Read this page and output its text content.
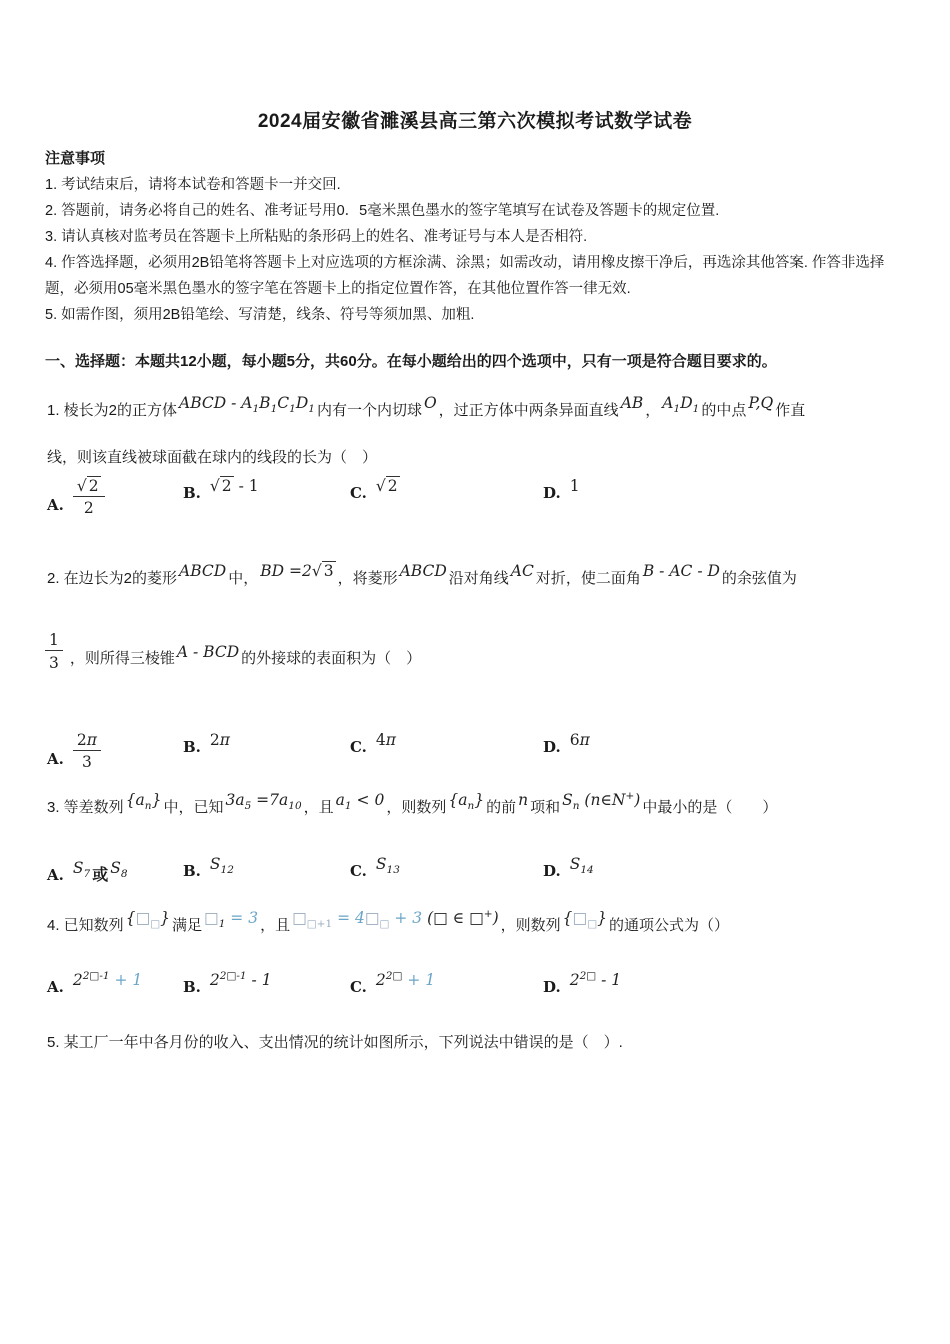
2024届安徽省濉溪县高三第六次模拟考试数学试卷
注意事项
1. 考试结束后，请将本试卷和答题卡一并交回.
2. 答题前，请务必将自己的姓名、准考证号用0．5毫米黑色墨水的签字笔填写在试卷及答题卡的规定位置.
3. 请认真核对监考员在答题卡上所粘贴的条形码上的姓名、准考证号与本人是否相符.
4. 作答选择题，必须用2B铅笔将答题卡上对应选项的方框涂满、涂黑；如需改动，请用橡皮擦干净后，再选涂其他答案. 作答非选择题，必须用05毫米黑色墨水的签字笔在答题卡上的指定位置作答，在其他位置作答一律无效.
5. 如需作图，须用2B铅笔绘、写清楚，线条、符号等须加黑、加粗.
一、选择题：本题共12小题，每小题5分，共60分。在每小题给出的四个选项中，只有一项是符合题目要求的。
1. 棱长为2的正方体 ABCD - $A^1B^1C^1D^1$ 内有一个内切球 O ，过正方体中两条异面直线 AB ， $A^1D^1$ 的中点 P,Q 作直
线，则该直线被球面截在球内的线段的长为（　）
A. $\frac{√ 2}{2}$	B. √ 2 - 1	C. √ 2	D. 1
2. 在边长为2的菱形 ABCD 中， BD =2√ 3 ，将菱形 ABCD 沿对角线 AC 对折，使二面角 B - AC - D 的余弦值为
$\frac{1}{3}$ ，则所得三棱锥 A - BCD 的外接球的表面积为（　）
A. $\frac{2 \pi}{3}$	B. 2π	C. 4π	D. 6π
3. 等差数列 $\{a^n\}$ 中，已知 $3a^5 =7a^{10}$ ，且 $a^1 < 0$ ，则数列 $\{a^n\}$ 的前 n 项和 $S^n$ (n∈N+) 中最小的是（　　）
A. S7 或 S8	B. S12	C. S13	D. S14
4. 已知数列 {□□} 满足 □$^1$ = 3 ，且 □$^{□+1}$ = 4□□ + 3 (□ ∈ □+) ，则数列 {□□} 的通项公式为（）
A. $2^{2□-1} + 1$	B. $2^{2□-1} - 1$	C. $2^{2□} + 1$	D. $2^{2□} - 1$
5. 某工厂一年中各月份的收入、支出情况的统计如图所示，下列说法中错误的是（　）.
